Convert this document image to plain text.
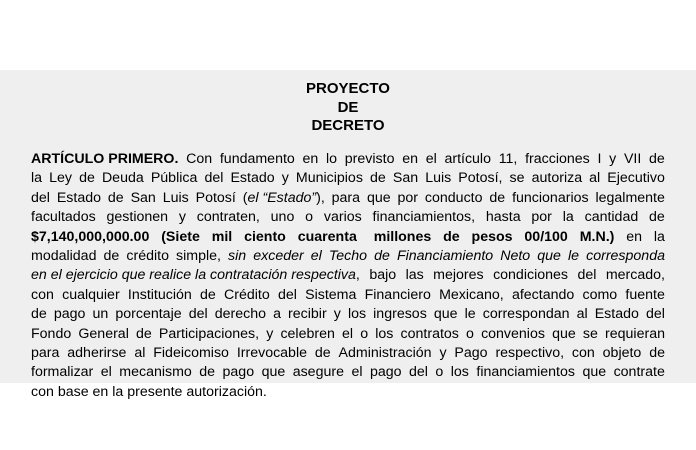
PROYECTO
DE
DECRETO
ARTÍCULO PRIMERO. Con fundamento en lo previsto en el artículo 11, fracciones I y VII de
la Ley de Deuda Pública del Estado y Municipios de San Luis Potosí, se autoriza al Ejecutivo
del Estado de San Luis Potosí (el “Estado”), para que por conducto de funcionarios legalmente
facultados gestionen y contraten, uno o varios financiamientos, hasta por la cantidad de
$7,140,000,000.00 (Siete mil ciento cuarenta millones de pesos 00/100 M.N.) en la
modalidad de crédito simple, sin exceder el Techo de Financiamiento Neto que le corresponda
en el ejercicio que realice la contratación respectiva, bajo las mejores condiciones del mercado,
con cualquier Institución de Crédito del Sistema Financiero Mexicano, afectando como fuente
de pago un porcentaje del derecho a recibir y los ingresos que le correspondan al Estado del
Fondo General de Participaciones, y celebren el o los contratos o convenios que se requieran
para adherirse al Fideicomiso Irrevocable de Administración y Pago respectivo, con objeto de
formalizar el mecanismo de pago que asegure el pago del o los financiamientos que contrate
con base en la presente autorización.
